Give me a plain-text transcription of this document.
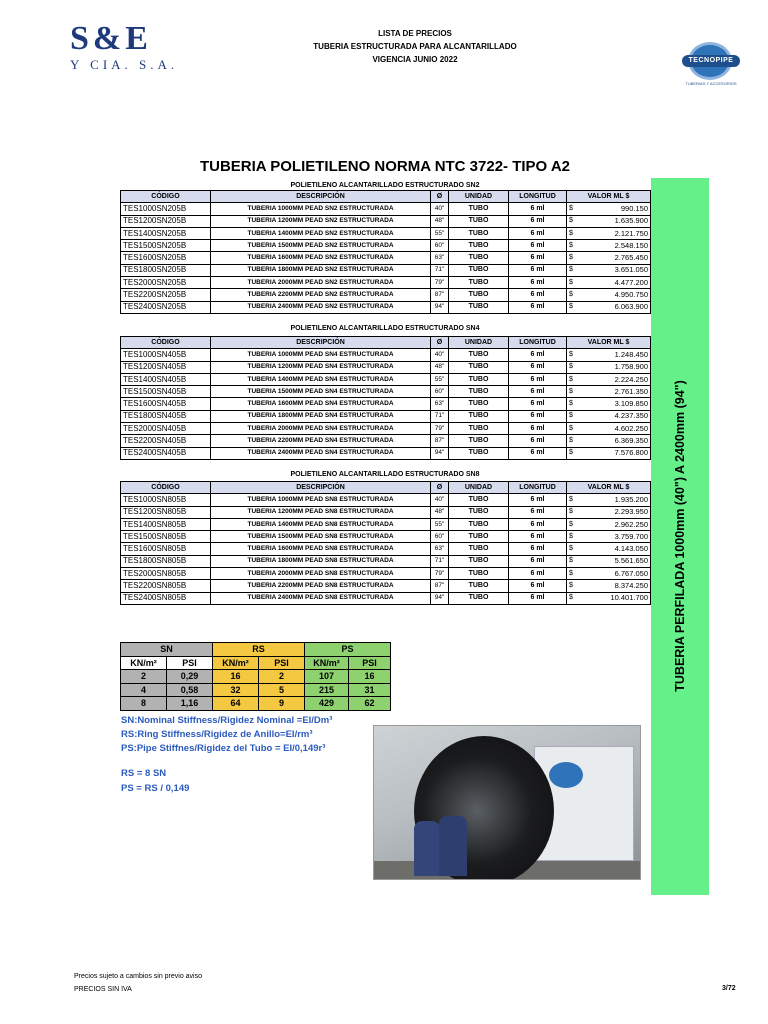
S&E
Y CIA. S.A.
LISTA DE PRECIOS
TUBERIA ESTRUCTURADA PARA ALCANTARILLADO
VIGENCIA JUNIO 2022	TECNOPIPE
TUBERIAS Y ACCESORIOS
TUBERIA POLIETILENO NORMA NTC 3722- TIPO A2
TUBERIA PERFILADA 1000mm (40") A 2400mm (94")
POLIETILENO ALCANTARILLADO ESTRUCTURADO SN2
CÓDIGO	DESCRIPCIÓN	Ø	UNIDAD	LONGITUD	VALOR ML $	
TES1000SN205B	TUBERIA 1000MM PEAD SN2 ESTRUCTURADA	40"	TUBO	6 ml	$	990.150
TES1200SN205B	TUBERIA 1200MM PEAD SN2 ESTRUCTURADA	48"	TUBO	6 ml	$	1.635.900
TES1400SN205B	TUBERIA 1400MM PEAD SN2 ESTRUCTURADA	55"	TUBO	6 ml	$	2.121.750
TES1500SN205B	TUBERIA 1500MM PEAD SN2 ESTRUCTURADA	60"	TUBO	6 ml	$	2.548.150
TES1600SN205B	TUBERIA 1600MM PEAD SN2 ESTRUCTURADA	63"	TUBO	6 ml	$	2.765.450
TES1800SN205B	TUBERIA 1800MM PEAD SN2 ESTRUCTURADA	71"	TUBO	6 ml	$	3.651.050
TES2000SN205B	TUBERIA 2000MM PEAD SN2 ESTRUCTURADA	79"	TUBO	6 ml	$	4.477.200
TES2200SN205B	TUBERIA 2200MM PEAD SN2 ESTRUCTURADA	87"	TUBO	6 ml	$	4.950.750
TES2400SN205B	TUBERIA 2400MM PEAD SN2 ESTRUCTURADA	94"	TUBO	6 ml	$	6.063.900
POLIETILENO ALCANTARILLADO ESTRUCTURADO SN4
CÓDIGO	DESCRIPCIÓN	Ø	UNIDAD	LONGITUD	VALOR ML $	
TES1000SN405B	TUBERIA 1000MM PEAD SN4 ESTRUCTURADA	40"	TUBO	6 ml	$	1.248.450
TES1200SN405B	TUBERIA 1200MM PEAD SN4 ESTRUCTURADA	48"	TUBO	6 ml	$	1.758.900
TES1400SN405B	TUBERIA 1400MM PEAD SN4 ESTRUCTURADA	55"	TUBO	6 ml	$	2.224.250
TES1500SN405B	TUBERIA 1500MM PEAD SN4 ESTRUCTURADA	60"	TUBO	6 ml	$	2.761.350
TES1600SN405B	TUBERIA 1600MM PEAD SN4 ESTRUCTURADA	63"	TUBO	6 ml	$	3.109.850
TES1800SN405B	TUBERIA 1800MM PEAD SN4 ESTRUCTURADA	71"	TUBO	6 ml	$	4.237.350
TES2000SN405B	TUBERIA 2000MM PEAD SN4 ESTRUCTURADA	79"	TUBO	6 ml	$	4.602.250
TES2200SN405B	TUBERIA 2200MM PEAD SN4 ESTRUCTURADA	87"	TUBO	6 ml	$	6.369.350
TES2400SN405B	TUBERIA 2400MM PEAD SN4 ESTRUCTURADA	94"	TUBO	6 ml	$	7.576.800
POLIETILENO ALCANTARILLADO ESTRUCTURADO SN8
CÓDIGO	DESCRIPCIÓN	Ø	UNIDAD	LONGITUD	VALOR ML $	
TES1000SN805B	TUBERIA 1000MM PEAD SN8 ESTRUCTURADA	40"	TUBO	6 ml	$	1.935.200
TES1200SN805B	TUBERIA 1200MM PEAD SN8 ESTRUCTURADA	48"	TUBO	6 ml	$	2.293.950
TES1400SN805B	TUBERIA 1400MM PEAD SN8 ESTRUCTURADA	55"	TUBO	6 ml	$	2.962.250
TES1500SN805B	TUBERIA 1500MM PEAD SN8 ESTRUCTURADA	60"	TUBO	6 ml	$	3.759.700
TES1600SN805B	TUBERIA 1600MM PEAD SN8 ESTRUCTURADA	63"	TUBO	6 ml	$	4.143.050
TES1800SN805B	TUBERIA 1800MM PEAD SN8 ESTRUCTURADA	71"	TUBO	6 ml	$	5.561.650
TES2000SN805B	TUBERIA 2000MM PEAD SN8 ESTRUCTURADA	79"	TUBO	6 ml	$	6.767.050
TES2200SN805B	TUBERIA 2200MM PEAD SN8 ESTRUCTURADA	87"	TUBO	6 ml	$	8.374.250
TES2400SN805B	TUBERIA 2400MM PEAD SN8 ESTRUCTURADA	94"	TUBO	6 ml	$	10.401.700
SN		RS		PS	
KN/m²	PSI	KN/m²	PSI	KN/m²	PSI
2	0,29	16	2	107	16
4	0,58	32	5	215	31
8	1,16	64	9	429	62
SN:Nominal Stiffness/Rigidez Nominal =EI/Dm³
RS:Ring Stiffness/Rigidez de Anillo=EI/rm³
PS:Pipe Stiffnes/Rigidez del Tubo = EI/0,149r³
RS = 8 SN
PS = RS / 0,149
Precios sujeto a cambios sin previo aviso
PRECIOS SIN IVA	3/72
